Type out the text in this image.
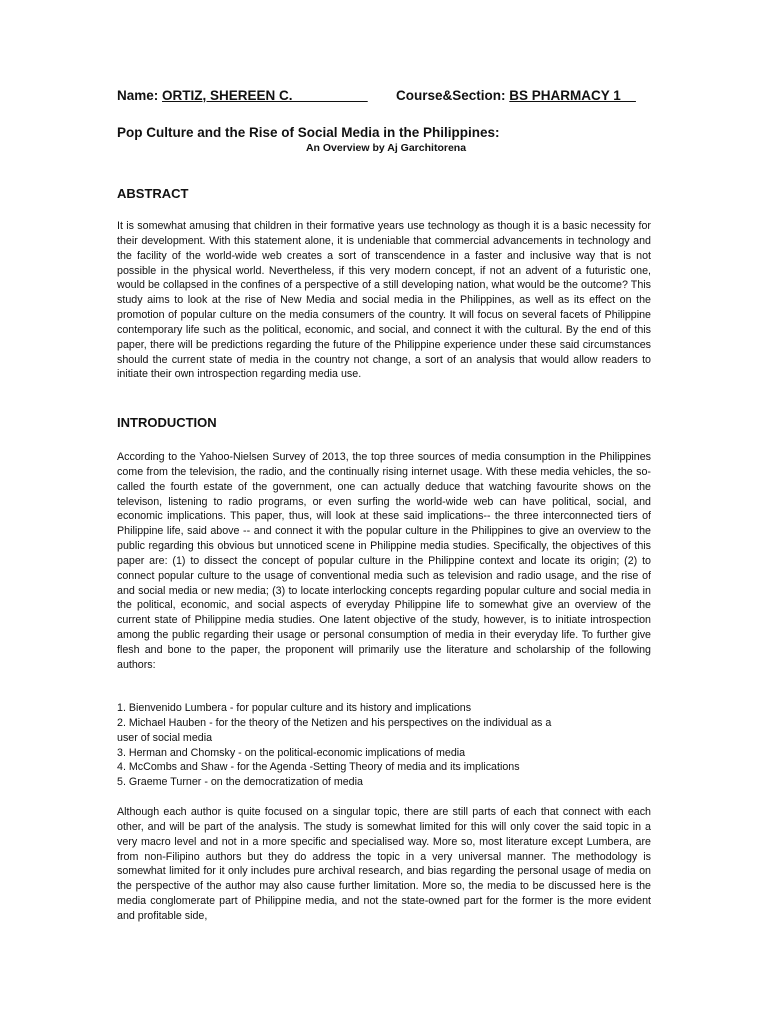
Name: ORTIZ, SHEREEN C.__________ Course&Section: BS PHARMACY 1__
Pop Culture and the Rise of Social Media in the Philippines:
An Overview by Aj Garchitorena
ABSTRACT

It is somewhat amusing that children in their formative years use technology as though it is a basic necessity for their development. With this statement alone, it is undeniable that commercial advancements in technology and the facility of the world-wide web creates a sort of transcendence in a faster and inclusive way that is not possible in the physical world. Nevertheless, if this very modern concept, if not an advent of a futuristic one, would be collapsed in the confines of a perspective of a still developing nation, what would be the outcome? This study aims to look at the rise of New Media and social media in the Philippines, as well as its effect on the promotion of popular culture on the media consumers of the country. It will focus on several facets of Philippine contemporary life such as the political, economic, and social, and connect it with the cultural. By the end of this paper, there will be predictions regarding the future of the Philippine experience under these said circumstances should the current state of media in the country not change, a sort of an analysis that would allow readers to initiate their own introspection regarding media use.

INTRODUCTION

According to the Yahoo-Nielsen Survey of 2013, the top three sources of media consumption in the Philippines come from the television, the radio, and the continually rising internet usage. With these media vehicles, the so-called the fourth estate of the government, one can actually deduce that watching favourite shows on the televison, listening to radio programs, or even surfing the world-wide web can have political, social, and economic implications. This paper, thus, will look at these said implications-- the three interconnected tiers of Philippine life, said above -- and connect it with the popular culture in the Philippines to give an overview to the public regarding this obvious but unnoticed scene in Philippine media studies. Specifically, the objectives of this paper are: (1) to dissect the concept of popular culture in the Philippine context and locate its origin; (2) to connect popular culture to the usage of conventional media such as television and radio usage, and the rise of and social media or new media; (3) to locate interlocking concepts regarding popular culture and social media in the political, economic, and social aspects of everyday Philippine life to somewhat give an overview of the current state of Philippine media studies. One latent objective of the study, however, is to initiate introspection among the public regarding their usage or personal consumption of media in their everyday life. To further give flesh and bone to the paper, the proponent will primarily use the literature and scholarship of the following authors:

1. Bienvenido Lumbera - for popular culture and its history and implications
2. Michael Hauben - for the theory of the Netizen and his perspectives on the individual as a
user of social media
3. Herman and Chomsky - on the political-economic implications of media
4. McCombs and Shaw - for the Agenda -Setting Theory of media and its implications
5. Graeme Turner - on the democratization of media

Although each author is quite focused on a singular topic, there are still parts of each that connect with each other, and will be part of the analysis. The study is somewhat limited for this will only cover the said topic in a very macro level and not in a more specific and specialised way. More so, most literature except Lumbera, are from non-Filipino authors but they do address the topic in a very universal manner. The methodology is somewhat limited for it only includes pure archival research, and bias regarding the personal usage of media on the perspective of the author may also cause further limitation. More so, the media to be discussed here is the media conglomerate part of Philippine media, and not the state-owned part for the former is the more evident and profitable side,
